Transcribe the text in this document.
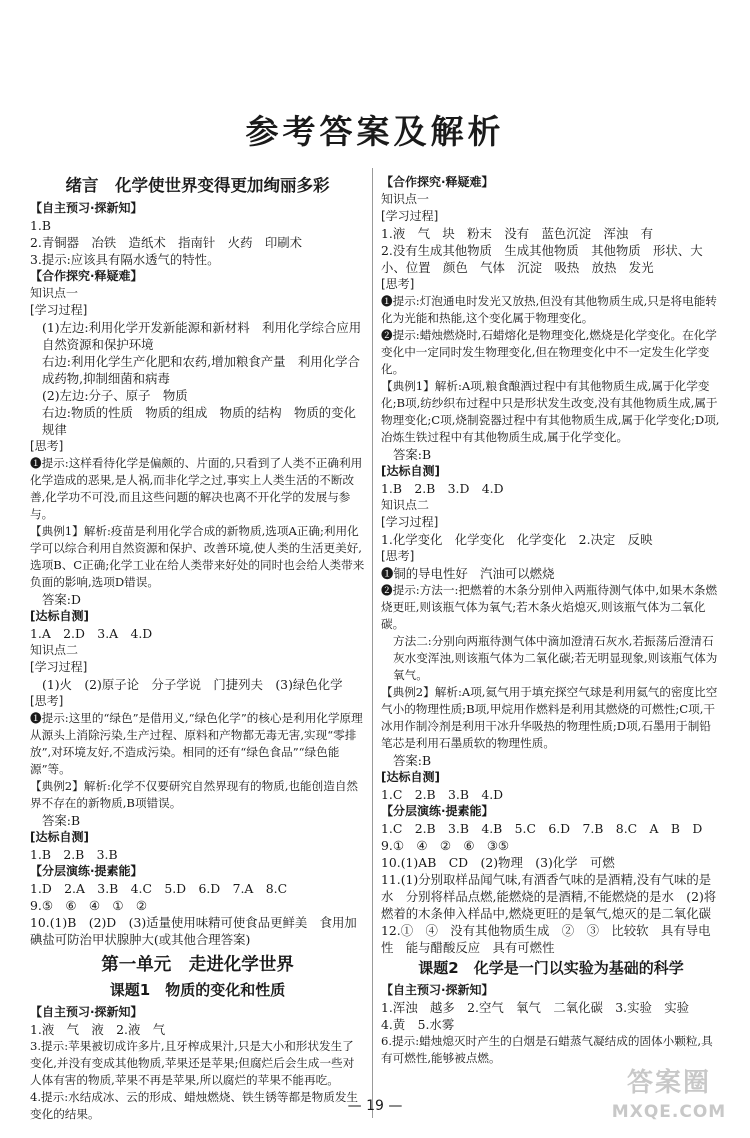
参考答案及解析

绪言　化学使世界变得更加绚丽多彩

【自主预习·探新知】

1.B

2.青铜器　冶铁　造纸术　指南针　火药　印刷术

3.提示:应该具有隔水透气的特性。

【合作探究·释疑难】

知识点一

[学习过程]

(1)左边:利用化学开发新能源和新材料　利用化学综合应用自然资源和保护环境

右边:利用化学生产化肥和农药,增加粮食产量　利用化学合成药物,抑制细菌和病毒

(2)左边:分子、原子　物质

右边:物质的性质　物质的组成　物质的结构　物质的变化规律

[思考]

❶提示:这样看待化学是偏颇的、片面的,只看到了人类不正确利用化学造成的恶果,是人祸,而非化学之过,事实上人类生活的不断改善,化学功不可没,而且这些问题的解决也离不开化学的发展与参与。

【典例1】解析:疫苗是利用化学合成的新物质,选项A正确;利用化学可以综合利用自然资源和保护、改善环境,使人类的生活更美好,选项B、C正确;化学工业在给人类带来好处的同时也会给人类带来负面的影响,选项D错误。

答案:D

[达标自测]

1.A　2.D　3.A　4.D

知识点二

[学习过程]

(1)火　(2)原子论　分子学说　门捷列夫　(3)绿色化学

[思考]

❶提示:这里的“绿色”是借用义,“绿色化学”的核心是利用化学原理从源头上消除污染,生产过程、原料和产物都无毒无害,实现“零排放”,对环境友好,不造成污染。相同的还有“绿色食品”“绿色能源”等。

【典例2】解析:化学不仅要研究自然界现有的物质,也能创造自然界不存在的新物质,B项错误。

答案:B

[达标自测]

1.B　2.B　3.B

【分层演练·提素能】

1.D　2.A　3.B　4.C　5.D　6.D　7.A　8.C

9.⑤　⑥　④　①　②

10.(1)B　(2)D　(3)适量使用味精可使食品更鲜美　食用加碘盐可防治甲状腺肿大(或其他合理答案)

第一单元　走进化学世界

课题1　物质的变化和性质

【自主预习·探新知】

1.液　气　液　2.液　气

3.提示:苹果被切成许多片,且牙榨成果汁,只是大小和形状发生了变化,并没有变成其他物质,苹果还是苹果;但腐烂后会生成一些对人体有害的物质,苹果不再是苹果,所以腐烂的苹果不能再吃。

4.提示:水结成冰、云的形成、蜡烛燃烧、铁生锈等都是物质发生变化的结果。

【合作探究·释疑难】

知识点一

[学习过程]

1.液　气　块　粉末　没有　蓝色沉淀　浑浊　有

2.没有生成其他物质　生成其他物质　其他物质　形状、大小、位置　颜色　气体　沉淀　吸热　放热　发光

[思考]

❶提示:灯泡通电时发光又放热,但没有其他物质生成,只是将电能转化为光能和热能,这个变化属于物理变化。

❷提示:蜡烛燃烧时,石蜡熔化是物理变化,燃烧是化学变化。在化学变化中一定同时发生物理变化,但在物理变化中不一定发生化学变化。

【典例1】解析:A项,粮食酿酒过程中有其他物质生成,属于化学变化;B项,纺纱织布过程中只是形状发生改变,没有其他物质生成,属于物理变化;C项,烧制瓷器过程中有其他物质生成,属于化学变化;D项,冶炼生铁过程中有其他物质生成,属于化学变化。

答案:B

[达标自测]

1.B　2.B　3.D　4.D

知识点二

[学习过程]

1.化学变化　化学变化　化学变化　2.决定　反映

[思考]

❶铜的导电性好　汽油可以燃烧

❷提示:方法一:把燃着的木条分别伸入两瓶待测气体中,如果木条燃烧更旺,则该瓶气体为氧气;若木条火焰熄灭,则该瓶气体为二氧化碳。

方法二:分别向两瓶待测气体中滴加澄清石灰水,若振荡后澄清石灰水变浑浊,则该瓶气体为二氧化碳;若无明显现象,则该瓶气体为氧气。

【典例2】解析:A项,氦气用于填充探空气球是利用氦气的密度比空气小的物理性质;B项,甲烷用作燃料是利用其燃烧的可燃性;C项,干冰用作制冷剂是利用干冰升华吸热的物理性质;D项,石墨用于制铅笔芯是利用石墨质软的物理性质。

答案:B

[达标自测]

1.C　2.B　3.B　4.D

【分层演练·提素能】

1.C　2.B　3.B　4.B　5.C　6.D　7.B　8.C　A　B　D

9.①　④　②　⑥　③⑤

10.(1)AB　CD　(2)物理　(3)化学　可燃

11.(1)分别取样品闻气味,有酒香气味的是酒精,没有气味的是水　分别将样品点燃,能燃烧的是酒精,不能燃烧的是水　(2)将燃着的木条伸入样品中,燃烧更旺的是氧气,熄灭的是二氧化碳

12.①　④　没有其他物质生成　②　③　比较软　具有导电性　能与醋酸反应　具有可燃性

课题2　化学是一门以实验为基础的科学

【自主预习·探新知】

1.浑浊　越多　2.空气　氧气　二氧化碳　3.实验　实验

4.黄　5.水雾

6.提示:蜡烛熄灭时产生的白烟是石蜡蒸气凝结成的固体小颗粒,具有可燃性,能够被点燃。

— 19 —
答案圈
MXQE.COM
